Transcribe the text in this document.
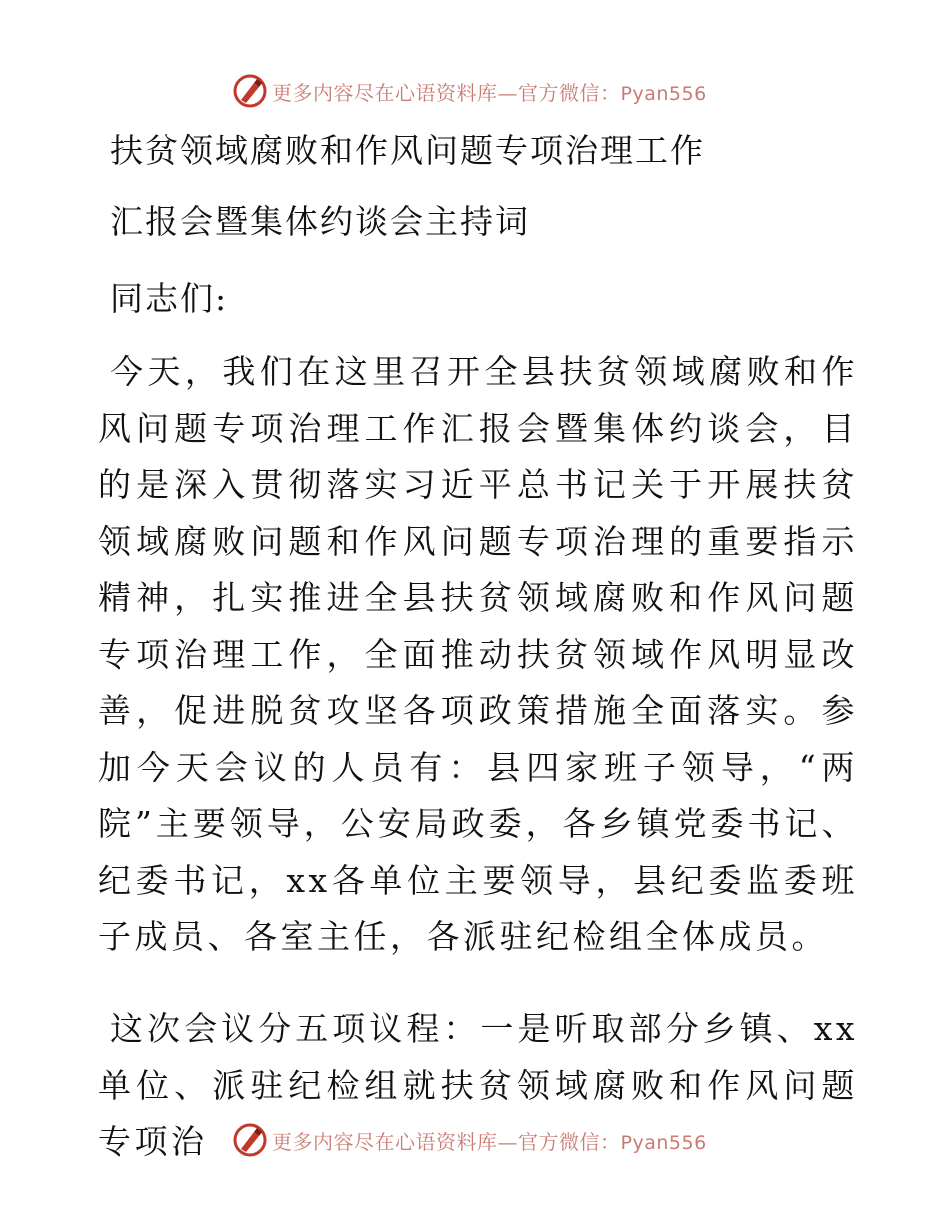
更多内容尽在心语资料库—官方微信：Pyan556
扶贫领域腐败和作风问题专项治理工作
汇报会暨集体约谈会主持词
同志们:

今天，我们在这里召开全县扶贫领域腐败和作风问题专项治理工作汇报会暨集体约谈会，目的是深入贯彻落实习近平总书记关于开展扶贫领域腐败问题和作风问题专项治理的重要指示精神，扎实推进全县扶贫领域腐败和作风问题专项治理工作，全面推动扶贫领域作风明显改善，促进脱贫攻坚各项政策措施全面落实。参加今天会议的人员有：县四家班子领导，“两院”主要领导，公安局政委，各乡镇党委书记、纪委书记，xx各单位主要领导，县纪委监委班子成员、各室主任，各派驻纪检组全体成员。

这次会议分五项议程：一是听取部分乡镇、xx单位、派驻纪检组就扶贫领域腐败和作风问题专项治	更多内容尽在心语资料库—官方微信：Pyan556
